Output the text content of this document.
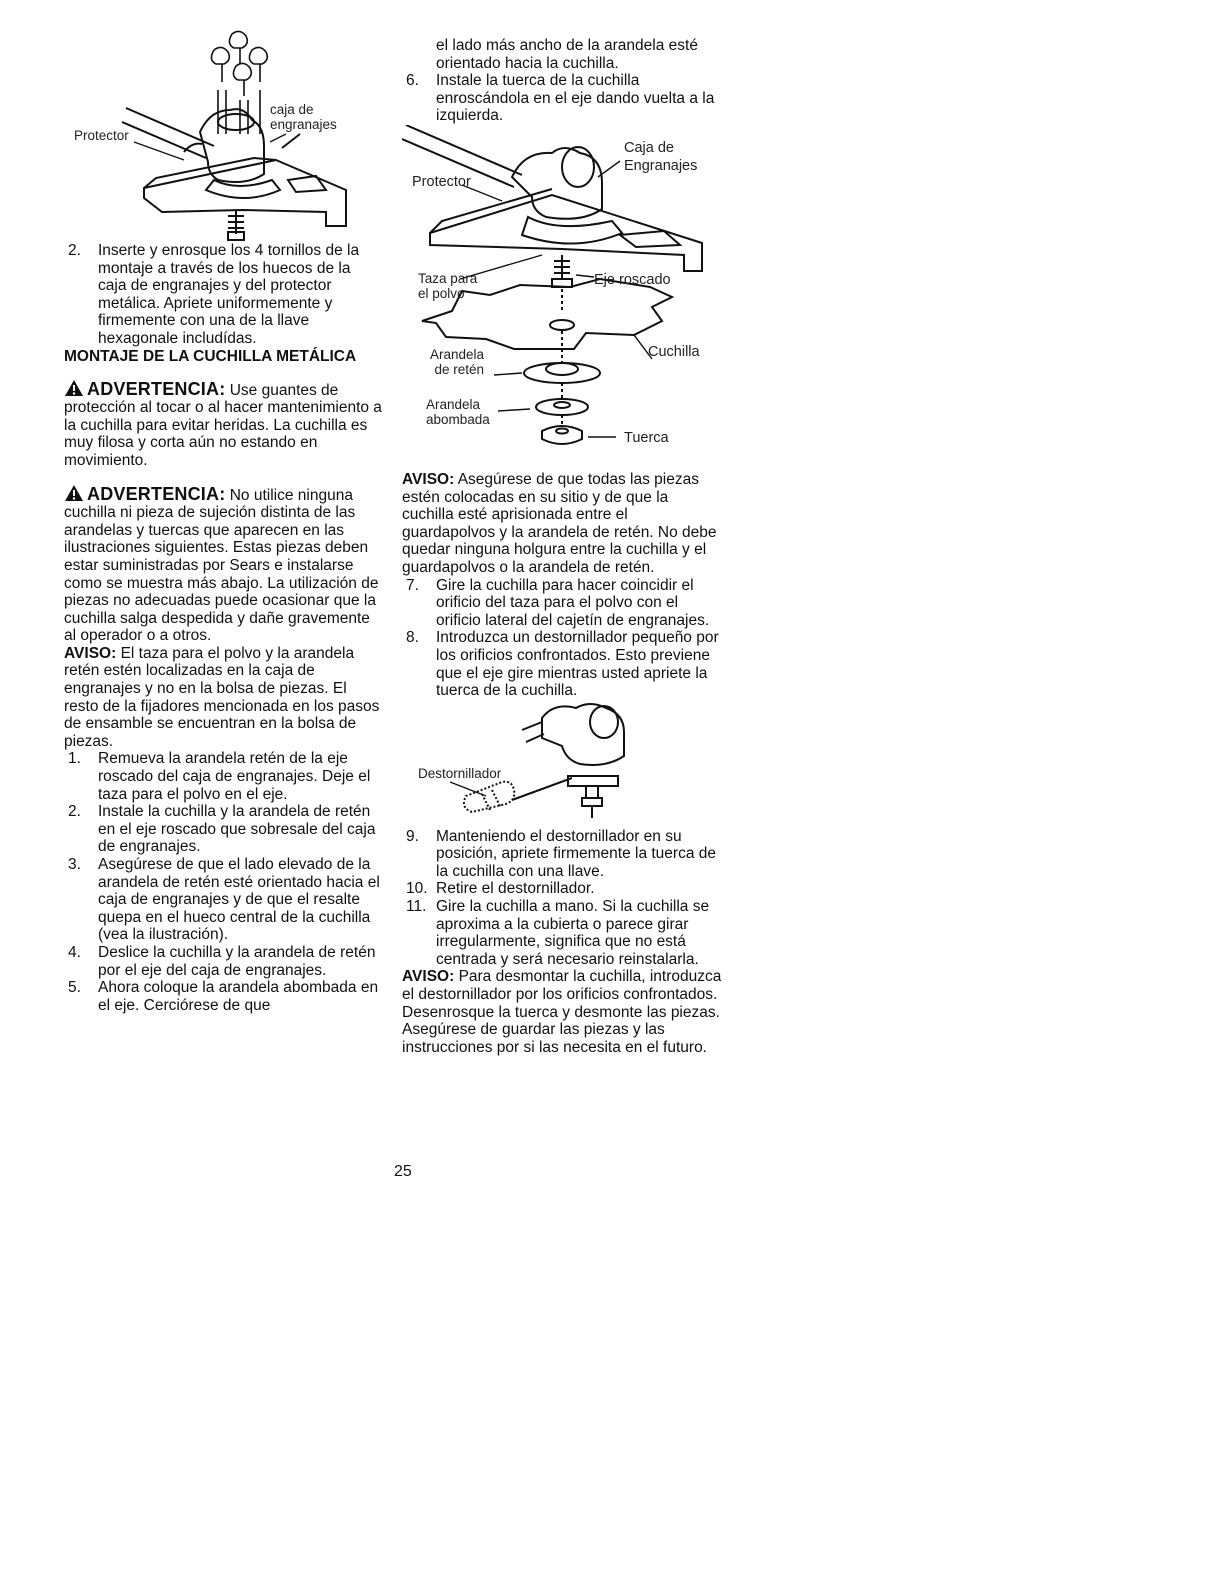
Protector
caja de
engranajes
2. Inserte y enrosque los 4 tornillos de la montaje a través de los huecos de la caja de engranajes y del protector metálica. Apriete uniformemente y firmemente con una de la llave hexagonale includídas.

MONTAJE DE LA CUCHILLA METÁLICA

ADVERTENCIA: Use guantes de protección al tocar o al hacer mantenimiento a la cuchilla para evitar heridas. La cuchilla es muy filosa y corta aún no estando en movimiento.

ADVERTENCIA: No utilice ninguna cuchilla ni pieza de sujeción distinta de las arandelas y tuercas que aparecen en las ilustraciones siguientes. Estas piezas deben estar suministradas por Sears e instalarse como se muestra más abajo. La utilización de piezas no adecuadas puede ocasionar que la cuchilla salga despedida y dañe gravemente al operador o a otros.

AVISO: El taza para el polvo y la arandela retén estén localizadas en la caja de engranajes y no en la bolsa de piezas. El resto de la fijadores mencionada en los pasos de ensamble se encuentran en la bolsa de piezas.

1. Remueva la arandela retén de la eje roscado del caja de engranajes. Deje el taza para el polvo en el eje.
2. Instale la cuchilla y la arandela de retén en el eje roscado que sobresale del caja de engranajes.
3. Asegúrese de que el lado elevado de la arandela de retén esté orientado hacia el caja de engranajes y de que el resalte quepa en el hueco central de la cuchilla (vea la ilustración).
4. Deslice la cuchilla y la arandela de retén por el eje del caja de engranajes.
5. Ahora coloque la arandela abombada en el eje. Cerciórese de que
el lado más ancho de la arandela esté orientado hacia la cuchilla.
6. Instale la tuerca de la cuchilla enroscándola en el eje dando vuelta a la izquierda.
Caja de
Engranajes
Protector
Taza para
el polvo
Eje roscado
Cuchilla
Arandela
de retén
Arandela
abombada
Tuerca

AVISO: Asegúrese de que todas las piezas estén colocadas en su sitio y de que la cuchilla esté aprisionada entre el guardapolvos y la arandela de retén. No debe quedar ninguna holgura entre la cuchilla y el guardapolvos o la arandela de retén.

7. Gire la cuchilla para hacer coincidir el orificio del taza para el polvo con el orificio lateral del cajetín de engranajes.
8. Introduzca un destornillador pequeño por los orificios confrontados. Esto previene que el eje gire mientras usted apriete la tuerca de la cuchilla.
Destornillador
9. Manteniendo el destornillador en su posición, apriete firmemente la tuerca de la cuchilla con una llave.
10. Retire el destornillador.
11. Gire la cuchilla a mano. Si la cuchilla se aproxima a la cubierta o parece girar irregularmente, significa que no está centrada y será necesario reinstalarla.

AVISO: Para desmontar la cuchilla, introduzca el destornillador por los orificios confrontados. Desenrosque la tuerca y desmonte las piezas. Asegúrese de guardar las piezas y las instrucciones por si las necesita en el futuro.

25
